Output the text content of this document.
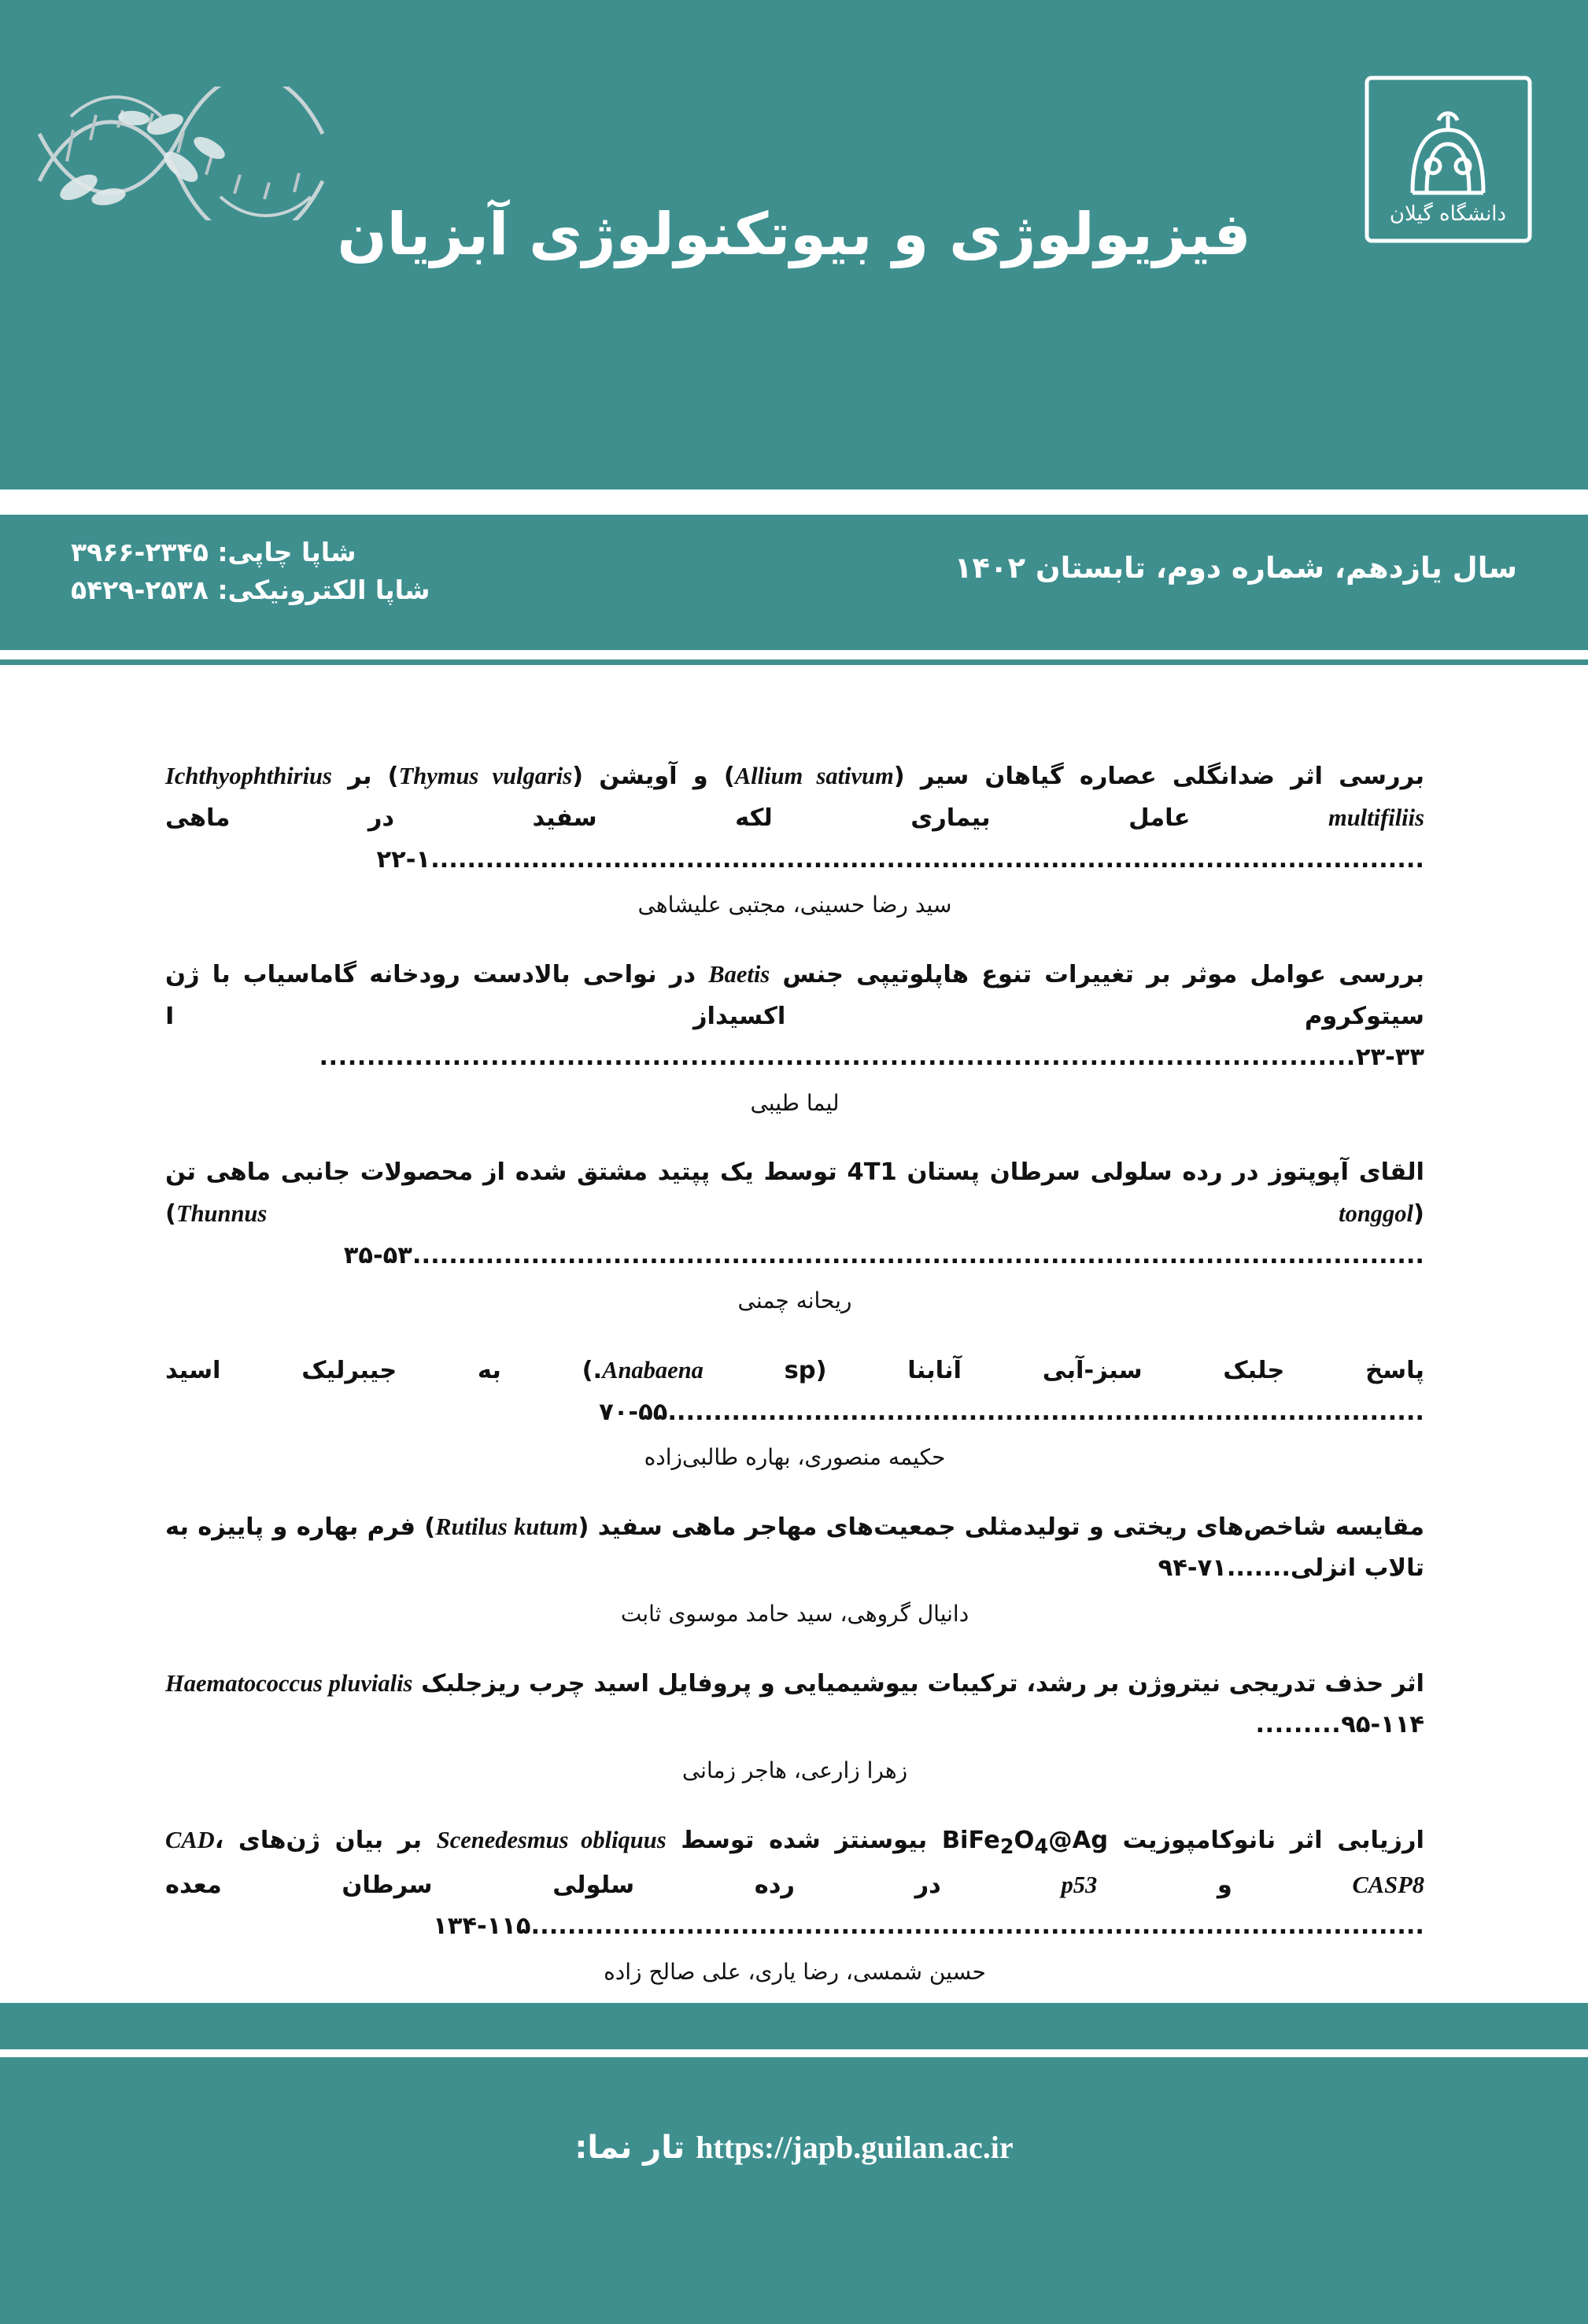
دانشگاه گیلان
فیزیولوژی و بیوتکنولوژی آبزیان
سال یازدهم، شماره دوم، تابستان ۱۴۰۲
شاپا چاپی: ۲۳۴۵-۳۹۶۶
شاپا الکترونیکی: ۲۵۳۸-۵۴۲۹
بررسی اثر ضدانگلی عصاره گیاهان سیر (Allium sativum) و آویشن (Thymus vulgaris) بر Ichthyophthirius multifiliis عامل بیماری لکه سفید در ماهی .............................................................................................................۱-۲۲
سید رضا حسینی، مجتبی علیشاهی
بررسی عوامل موثر بر تغییرات تنوع هاپلوتیپی جنس Baetis در نواحی بالادست رودخانه گاماسیاب با ژن سیتوکروم اکسیداز I .............................................................................................................۲۳-۳۳
لیما طیبی
القای آپوپتوز در رده سلولی سرطان پستان 4T1 توسط یک پپتید مشتق شده از محصولات جانبی ماهی تن (Thunnus tonggol) ...............................................................................................................۳۵-۵۳
ریحانه چمنی
پاسخ جلبک سبز-آبی آنابنا (Anabaena sp.) به جیبرلیک اسید ...................................................................................۵۵-۷۰
حکیمه منصوری، بهاره طالبی‌زاده
مقایسه شاخص‌های ریختی و تولیدمثلی جمعیت‌های مهاجر ماهی سفید (Rutilus kutum) فرم بهاره و پاییزه به تالاب انزلی.......۷۱-۹۴
دانیال گروهی، سید حامد موسوی ثابت
اثر حذف تدریجی نیتروژن بر رشد، ترکیبات بیوشیمیایی و پروفایل اسید چرب ریزجلبک Haematococcus pluvialis .........۹۵-۱۱۴
زهرا زارعی، هاجر زمانی
ارزیابی اثر نانوکامپوزیت $BiFe_2O_4@Ag$ بیوسنتز شده توسط Scenedesmus obliquus بر بیان ژن‌های CAD، CASP8 و p53 در رده سلولی سرطان معده ..................................................................................................۱۱۵-۱۳۴
حسین شمسی، رضا یاری، علی صالح زاده
https://japb.guilan.ac.ir تار نما:
